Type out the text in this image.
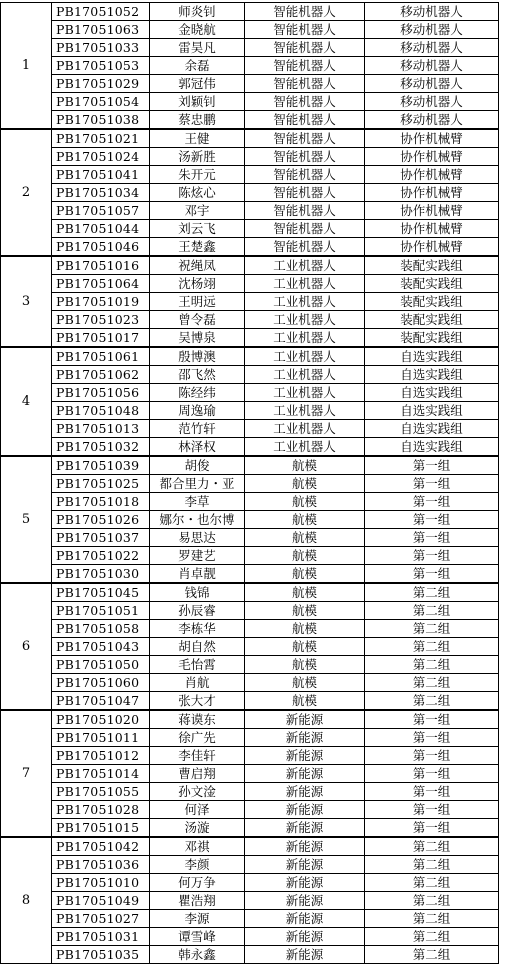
1	PB17051052	师炎钊	智能机器人	移动机器人
	PB17051063	金晓航	智能机器人	移动机器人
	PB17051033	雷昊凡	智能机器人	移动机器人
	PB17051053	余磊	智能机器人	移动机器人
	PB17051029	郭冠伟	智能机器人	移动机器人
	PB17051054	刘颖钊	智能机器人	移动机器人
	PB17051038	蔡忠鹏	智能机器人	移动机器人
2	PB17051021	王健	智能机器人	协作机械臂
	PB17051024	汤新胜	智能机器人	协作机械臂
	PB17051041	朱开元	智能机器人	协作机械臂
	PB17051034	陈炫心	智能机器人	协作机械臂
	PB17051057	邓宇	智能机器人	协作机械臂
	PB17051044	刘云飞	智能机器人	协作机械臂
	PB17051046	王楚鑫	智能机器人	协作机械臂
3	PB17051016	祝绳凤	工业机器人	装配实践组
	PB17051064	沈杨翊	工业机器人	装配实践组
	PB17051019	王明远	工业机器人	装配实践组
	PB17051023	曾令磊	工业机器人	装配实践组
	PB17051017	吴博泉	工业机器人	装配实践组
4	PB17051061	殷博澳	工业机器人	自选实践组
	PB17051062	邵飞然	工业机器人	自选实践组
	PB17051056	陈经纬	工业机器人	自选实践组
	PB17051048	周逸瑜	工业机器人	自选实践组
	PB17051013	范竹轩	工业机器人	自选实践组
	PB17051032	林泽权	工业机器人	自选实践组
5	PB17051039	胡俊	航模	第一组
	PB17051025	都合里力・亚	航模	第一组
	PB17051018	李草	航模	第一组
	PB17051026	娜尔・也尔博	航模	第一组
	PB17051037	易思达	航模	第一组
	PB17051022	罗建艺	航模	第一组
	PB17051030	肖卓靓	航模	第一组
6	PB17051045	钱锦	航模	第二组
	PB17051051	孙辰睿	航模	第二组
	PB17051058	李栋华	航模	第二组
	PB17051043	胡自然	航模	第二组
	PB17051050	毛怡霄	航模	第二组
	PB17051060	肖航	航模	第二组
	PB17051047	张大才	航模	第二组
7	PB17051020	蒋谟东	新能源	第一组
	PB17051011	徐广先	新能源	第一组
	PB17051012	李佳轩	新能源	第一组
	PB17051014	曹启翔	新能源	第一组
	PB17051055	孙文淦	新能源	第一组
	PB17051028	何泽	新能源	第一组
	PB17051015	汤漩	新能源	第一组
8	PB17051042	邓祺	新能源	第二组
	PB17051036	李颜	新能源	第二组
	PB17051010	何万争	新能源	第二组
	PB17051049	瞿浩翔	新能源	第二组
	PB17051027	李源	新能源	第二组
	PB17051031	谭雪峰	新能源	第二组
	PB17051035	韩永鑫	新能源	第二组
